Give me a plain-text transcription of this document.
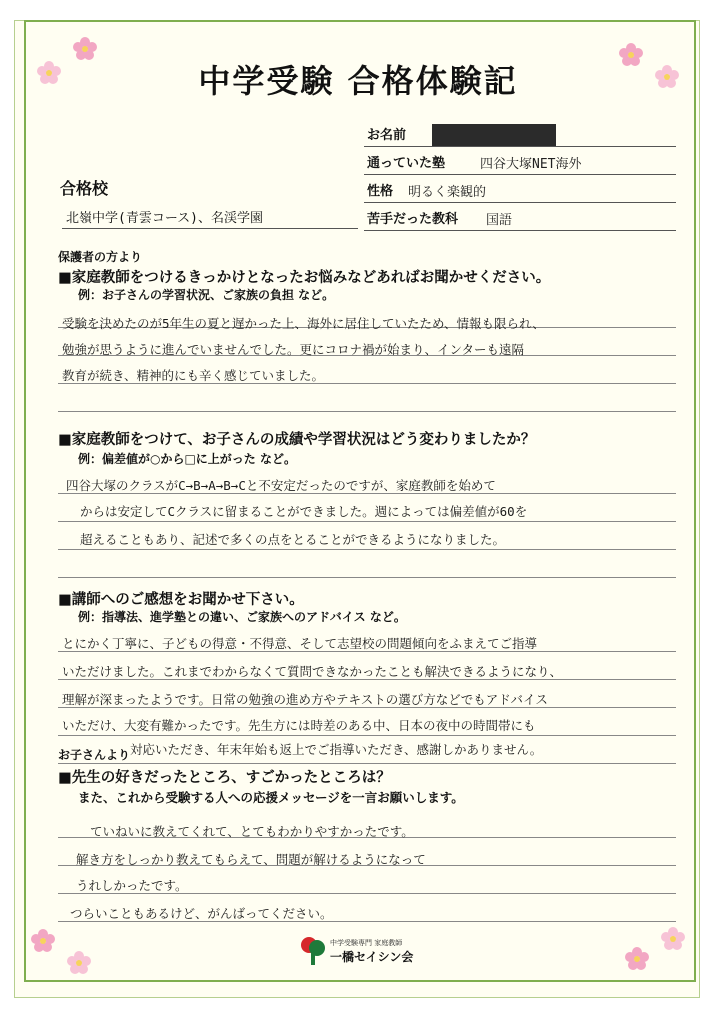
中学受験 合格体験記
お名前
通っていた塾	四谷大塚NET海外
性格 明るく楽観的
苦手だった教科 国語
合格校
北嶺中学(青雲コース)、名渓学園
保護者の方より
■家庭教師をつけるきっかけとなったお悩みなどあればお聞かせください。
例：お子さんの学習状況、ご家族の負担 など。
受験を決めたのが5年生の夏と遅かった上、海外に居住していたため、情報も限られ、
勉強が思うように進んでいませんでした。更にコロナ禍が始まり、インターも遠隔
教育が続き、精神的にも辛く感じていました。
■家庭教師をつけて、お子さんの成績や学習状況はどう変わりましたか？
例：偏差値が○から□に上がった など。
四谷大塚のクラスがC→B→A→B→Cと不安定だったのですが、家庭教師を始めて
からは安定してCクラスに留まることができました。週によっては偏差値が60を
超えることもあり、記述で多くの点をとることができるようになりました。
■講師へのご感想をお聞かせ下さい。
例：指導法、進学塾との違い、ご家族へのアドバイス など。
とにかく丁寧に、子どもの得意・不得意、そして志望校の問題傾向をふまえてご指導
いただけました。これまでわからなくて質問できなかったことも解決できるようになり、
理解が深まったようです。日常の勉強の進め方やテキストの選び方などでもアドバイス
いただけ、大変有難かったです。先生方には時差のある中、日本の夜中の時間帯にも
対応いただき、年末年始も返上でご指導いただき、感謝しかありません。
お子さんより
■先生の好きだったところ、すごかったところは？
また、これから受験する人への応援メッセージを一言お願いします。
ていねいに教えてくれて、とてもわかりやすかったです。
解き方をしっかり教えてもらえて、問題が解けるようになって
うれしかったです。
つらいこともあるけど、がんばってください。
中学受験専門 家庭教師
一橋セイシン会
